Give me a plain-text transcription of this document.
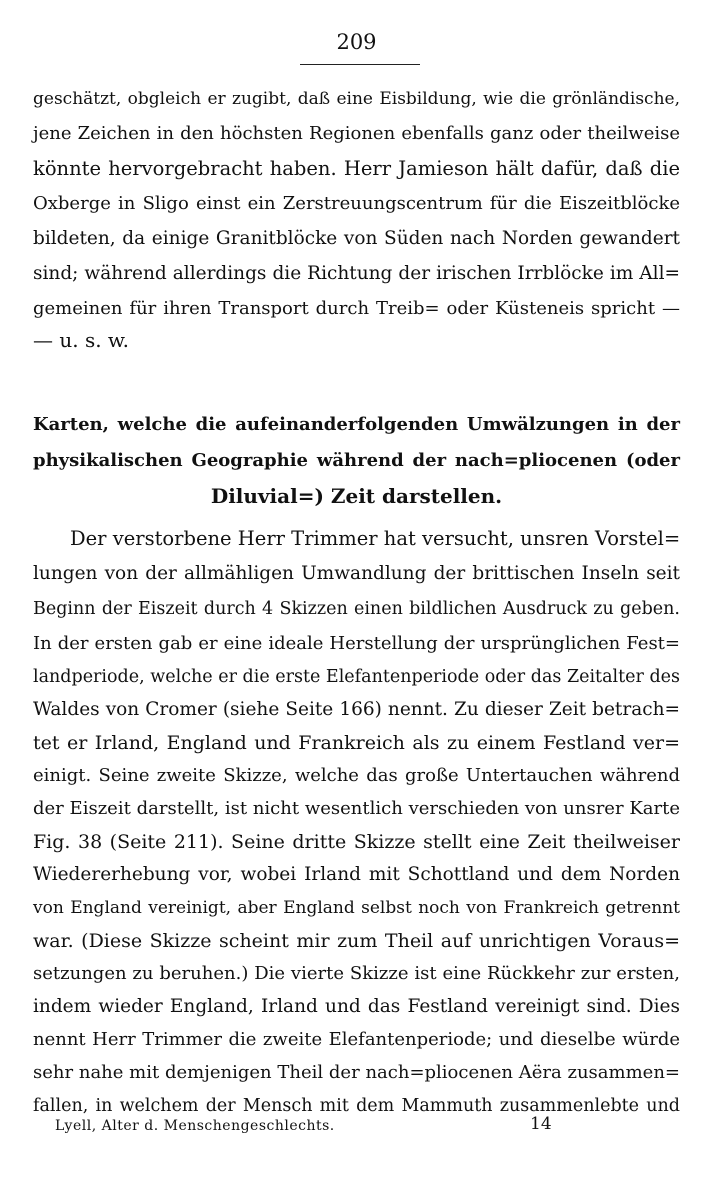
209
geschätzt, obgleich er zugibt, daß eine Eisbildung, wie die grönländische,
jene Zeichen in den höchsten Regionen ebenfalls ganz oder theilweise
könnte hervorgebracht haben. Herr Jamieson hält dafür, daß die
Oxberge in Sligo einst ein Zerstreuungscentrum für die Eiszeitblöcke
bildeten, da einige Granitblöcke von Süden nach Norden gewandert
sind; während allerdings die Richtung der irischen Irrblöcke im All=
gemeinen für ihren Transport durch Treib= oder Küsteneis spricht —
— u. s. w.
Karten, welche die aufeinanderfolgenden Umwälzungen in der
physikalischen Geographie während der nach=pliocenen (oder
Diluvial=) Zeit darstellen.
Der verstorbene Herr Trimmer hat versucht, unsren Vorstel=
lungen von der allmähligen Umwandlung der brittischen Inseln seit
Beginn der Eiszeit durch 4 Skizzen einen bildlichen Ausdruck zu geben.
In der ersten gab er eine ideale Herstellung der ursprünglichen Fest=
landperiode, welche er die erste Elefantenperiode oder das Zeitalter des
Waldes von Cromer (siehe Seite 166) nennt. Zu dieser Zeit betrach=
tet er Irland, England und Frankreich als zu einem Festland ver=
einigt. Seine zweite Skizze, welche das große Untertauchen während
der Eiszeit darstellt, ist nicht wesentlich verschieden von unsrer Karte
Fig. 38 (Seite 211). Seine dritte Skizze stellt eine Zeit theilweiser
Wiedererhebung vor, wobei Irland mit Schottland und dem Norden
von England vereinigt, aber England selbst noch von Frankreich getrennt
war. (Diese Skizze scheint mir zum Theil auf unrichtigen Voraus=
setzungen zu beruhen.) Die vierte Skizze ist eine Rückkehr zur ersten,
indem wieder England, Irland und das Festland vereinigt sind. Dies
nennt Herr Trimmer die zweite Elefantenperiode; und dieselbe würde
sehr nahe mit demjenigen Theil der nach=pliocenen Aëra zusammen=
fallen, in welchem der Mensch mit dem Mammuth zusammenlebte und
Lyell, Alter d. Menschengeschlechts.	14
